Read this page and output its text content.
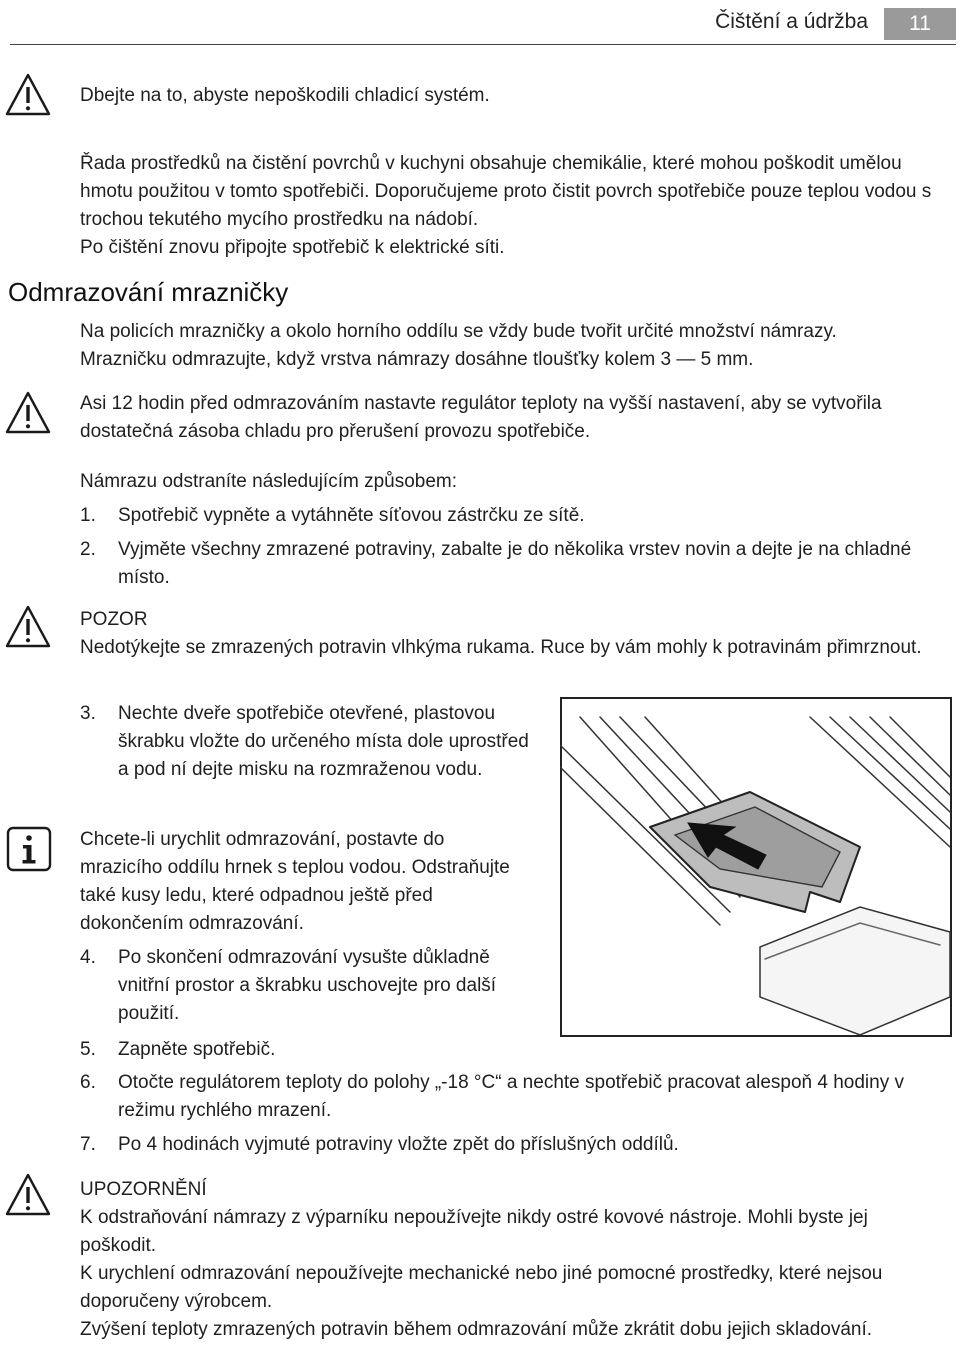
Čištění a údržba	11

Dbejte na to, abyste nepoškodili chladicí systém.

Řada prostředků na čistění povrchů v kuchyni obsahuje chemikálie, které mohou poškodit umělou hmotu použitou v tomto spotřebiči. Doporučujeme proto čistit povrch spotřebiče pouze teplou vodou s trochou tekutého mycího prostředku na nádobí.

Po čištění znovu připojte spotřebič k elektrické síti.

Odmrazování mrazničky

Na policích mrazničky a okolo horního oddílu se vždy bude tvořit určité množství námrazy.

Mrazničku odmrazujte, když vrstva námrazy dosáhne tloušťky kolem 3 — 5 mm.

Asi 12 hodin před odmrazováním nastavte regulátor teploty na vyšší nastavení, aby se vytvořila dostatečná zásoba chladu pro přerušení provozu spotřebiče.

Námrazu odstraníte následujícím způsobem:

1. Spotřebič vypněte a vytáhněte síťovou zástrčku ze sítě.
2. Vyjměte všechny zmrazené potraviny, zabalte je do několika vrstev novin a dejte je na chladné místo.

POZOR

Nedotýkejte se zmrazených potravin vlhkýma rukama. Ruce by vám mohly k potravinám přimrznout.

3. Nechte dveře spotřebiče otevřené, plastovou škrabku vložte do určeného místa dole uprostřed a pod ní dejte misku na rozmraženou vodu.

Chcete-li urychlit odmrazování, postavte do mrazicího oddílu hrnek s teplou vodou. Odstraňujte také kusy ledu, které odpadnou ještě před dokončením odmrazování.

4. Po skončení odmrazování vysušte důkladně vnitřní prostor a škrabku uschovejte pro další použití.
5. Zapněte spotřebič.
6. Otočte regulátorem teploty do polohy „-18 °C“ a nechte spotřebič pracovat alespoň 4 hodiny v režimu rychlého mrazení.
7. Po 4 hodinách vyjmuté potraviny vložte zpět do příslušných oddílů.

UPOZORNĚNÍ

K odstraňování námrazy z výparníku nepoužívejte nikdy ostré kovové nástroje. Mohli byste jej poškodit.

K urychlení odmrazování nepoužívejte mechanické nebo jiné pomocné prostředky, které nejsou doporučeny výrobcem.

Zvýšení teploty zmrazených potravin během odmrazování může zkrátit dobu jejich skladování.
